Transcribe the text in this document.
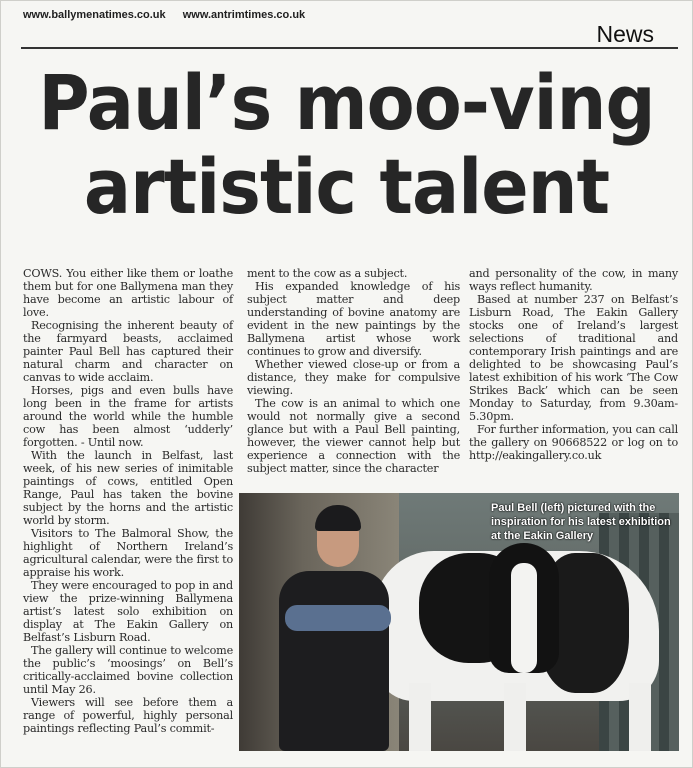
www.ballymenatimes.co.uk www.antrimtimes.co.uk
News
Paul’s moo-ving
artistic talent

COWS. You either like them or loathe them but for one Ballymena man they have become an artistic labour of love.

Recognising the inherent beauty of the farmyard beasts, acclaimed painter Paul Bell has captured their natural charm and character on canvas to wide acclaim.

Horses, pigs and even bulls have long been in the frame for artists around the world while the humble cow has been almost ‘udderly’ forgotten. - Until now.

With the launch in Belfast, last week, of his new series of inimitable paintings of cows, entitled Open Range, Paul has taken the bovine subject by the horns and the artistic world by storm.

Visitors to The Balmoral Show, the highlight of Northern Ireland’s agricultural calendar, were the first to appraise his work.

They were encouraged to pop in and view the prize-winning Ballymena artist’s latest solo exhibition on display at The Eakin Gallery on Belfast’s Lisburn Road.

The gallery will continue to welcome the public’s ‘moosings’ on Bell’s critically-acclaimed bovine collection until May 26.

Viewers will see before them a range of powerful, highly personal paintings reflecting Paul’s commit-

ment to the cow as a subject.

His expanded knowledge of his subject matter and deep understanding of bovine anatomy are evident in the new paintings by the Ballymena artist whose work continues to grow and diversify.

Whether viewed close-up or from a distance, they make for compulsive viewing.

The cow is an animal to which one would not normally give a second glance but with a Paul Bell painting, however, the viewer cannot help but experience a connection with the subject matter, since the character

and personality of the cow, in many ways reflect humanity.

Based at number 237 on Belfast’s Lisburn Road, The Eakin Gallery stocks one of Ireland’s largest selections of traditional and contemporary Irish paintings and are delighted to be showcasing Paul’s latest exhibition of his work ‘The Cow Strikes Back’ which can be seen Monday to Saturday, from 9.30am-5.30pm.

For further information, you can call the gallery on 90668522 or log on to http://eakingallery.co.uk

Paul Bell (left) pictured with the inspiration for his latest exhibition at the Eakin Gallery
